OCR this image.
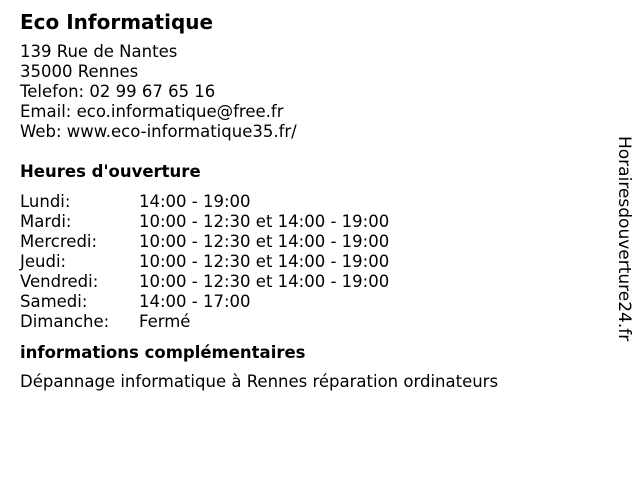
Eco Informatique
139 Rue de Nantes
35000 Rennes
Telefon: 02 99 67 65 16
Email: eco.informatique@free.fr
Web: www.eco-informatique35.fr/
Heures d'ouverture
Lundi:	14:00 - 19:00
Mardi:	10:00 - 12:30 et 14:00 - 19:00
Mercredi:	10:00 - 12:30 et 14:00 - 19:00
Jeudi:	10:00 - 12:30 et 14:00 - 19:00
Vendredi:	10:00 - 12:30 et 14:00 - 19:00
Samedi:	14:00 - 17:00
Dimanche:	Fermé
informations complémentaires
Dépannage informatique à Rennes réparation ordinateurs
Horairesdouverture24.fr
